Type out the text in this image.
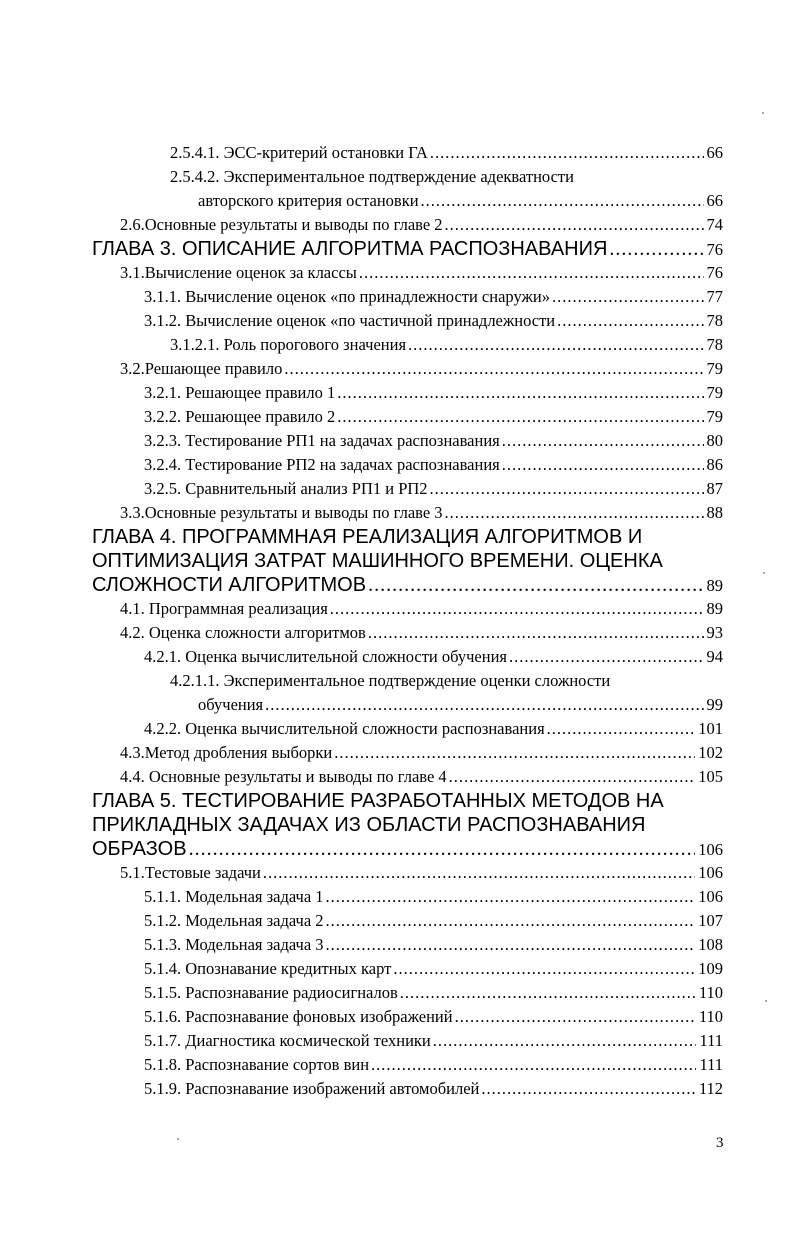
2.5.4.1. ЭСС-критерий остановки ГА .....	66
2.5.4.2. Экспериментальное подтверждение адекватности
авторского критерия остановки .....	66
2.6.Основные результаты и выводы по главе 2 .....	74
ГЛАВА 3. ОПИСАНИЕ АЛГОРИТМА РАСПОЗНАВАНИЯ .....	76
3.1.Вычисление оценок за классы .....	76
3.1.1. Вычисление оценок «по принадлежности снаружи» .....	77
3.1.2. Вычисление оценок «по частичной принадлежности .....	78
3.1.2.1. Роль порогового значения .....	78
3.2.Решающее правило .....	79
3.2.1. Решающее правило 1 .....	79
3.2.2. Решающее правило 2 .....	79
3.2.3. Тестирование РП1 на задачах распознавания .....	80
3.2.4. Тестирование РП2 на задачах распознавания .....	86
3.2.5. Сравнительный анализ РП1 и РП2 .....	87
3.3.Основные результаты и выводы по главе 3 .....	88
ГЛАВА 4. ПРОГРАММНАЯ РЕАЛИЗАЦИЯ АЛГОРИТМОВ И
ОПТИМИЗАЦИЯ ЗАТРАТ МАШИННОГО ВРЕМЕНИ. ОЦЕНКА
СЛОЖНОСТИ АЛГОРИТМОВ .....	89
4.1. Программная реализация .....	89
4.2. Оценка сложности алгоритмов .....	93
4.2.1. Оценка вычислительной сложности обучения .....	94
4.2.1.1. Экспериментальное подтверждение оценки сложности
обучения .....	99
4.2.2. Оценка вычислительной сложности распознавания .....	101
4.3.Метод дробления выборки .....	102
4.4. Основные результаты и выводы по главе 4 .....	105
ГЛАВА 5. ТЕСТИРОВАНИЕ РАЗРАБОТАННЫХ МЕТОДОВ НА
ПРИКЛАДНЫХ ЗАДАЧАХ ИЗ ОБЛАСТИ РАСПОЗНАВАНИЯ
ОБРАЗОВ .....	106
5.1.Тестовые задачи .....	106
5.1.1. Модельная задача 1 .....	106
5.1.2. Модельная задача 2 .....	107
5.1.3. Модельная задача 3 .....	108
5.1.4. Опознавание кредитных карт .....	109
5.1.5. Распознавание радиосигналов .....	110
5.1.6. Распознавание фоновых изображений .....	110
5.1.7. Диагностика космической техники .....	111
5.1.8. Распознавание сортов вин .....	111
5.1.9. Распознавание изображений автомобилей .....	112
3
